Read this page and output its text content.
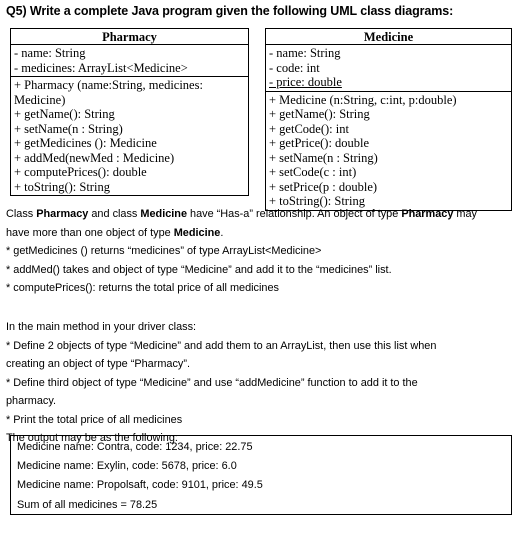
Q5) Write a complete Java program given the following UML class diagrams:
Pharmacy
- name: String
- medicines: ArrayList<Medicine>
+ Pharmacy (name:String, medicines:
Medicine)
+ getName(): String
+ setName(n : String)
+ getMedicines (): Medicine
+ addMed(newMed : Medicine)
+ computePrices(): double
+ toString(): String
Medicine
- name: String
- code: int
- price: double
+ Medicine (n:String, c:int, p:double)
+ getName(): String
+ getCode(): int
+ getPrice(): double
+ setName(n : String)
+ setCode(c : int)
+ setPrice(p : double)
+ toString(): String

Class Pharmacy and class Medicine have “Has-a” relationship. An object of type Pharmacy may

have more than one object of type Medicine.

* getMedicines () returns “medicines” of type ArrayList<Medicine>

* addMed() takes and object of type “Medicine” and add it to the “medicines” list.

* computePrices(): returns the total price of all medicines

In the main method in your driver class:

* Define 2 objects of type “Medicine” and add them to an ArrayList, then use this list when

creating an object of type “Pharmacy”.

* Define third object of type “Medicine” and use “addMedicine” function to add it to the

pharmacy.

* Print the total price of all medicines

The output may be as the following:

Medicine name: Contra, code: 1234, price: 22.75
Medicine name: Exylin, code: 5678, price: 6.0
Medicine name: Propolsaft, code: 9101, price: 49.5
Sum of all medicines = 78.25
